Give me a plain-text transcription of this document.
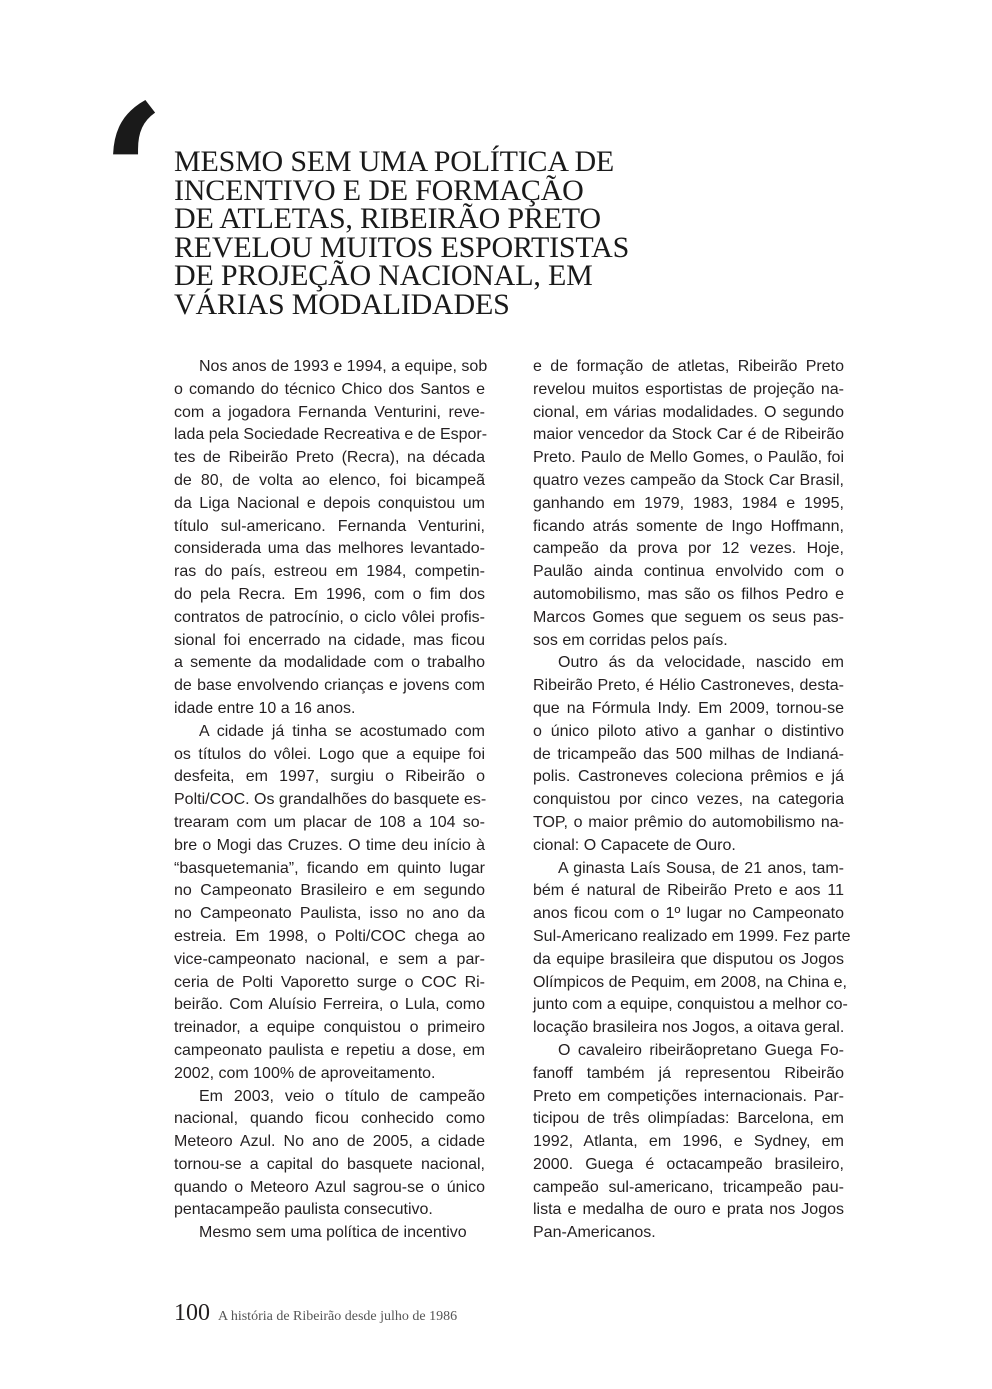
‘ MESMO SEM UMA POLÍTICA DE
INCENTIVO E DE FORMAÇÃO
DE ATLETAS, RIBEIRÃO PRETO
REVELOU MUITOS ESPORTISTAS
DE PROJEÇÃO NACIONAL, EM
VÁRIAS MODALIDADES

Nos anos de 1993 e 1994, a equipe, sob
o comando do técnico Chico dos Santos e
com a jogadora Fernanda Venturini, reve-
lada pela Sociedade Recreativa e de Espor-
tes de Ribeirão Preto (Recra), na década
de 80, de volta ao elenco, foi bicampeã
da Liga Nacional e depois conquistou um
título sul-americano. Fernanda Venturini,
considerada uma das melhores levantado-
ras do país, estreou em 1984, competin-
do pela Recra. Em 1996, com o fim dos
contratos de patrocínio, o ciclo vôlei profis-
sional foi encerrado na cidade, mas ficou
a semente da modalidade com o trabalho
de base envolvendo crianças e jovens com
idade entre 10 a 16 anos.

A cidade já tinha se acostumado com
os títulos do vôlei. Logo que a equipe foi
desfeita, em 1997, surgiu o Ribeirão o
Polti/COC. Os grandalhões do basquete es-
trearam com um placar de 108 a 104 so-
bre o Mogi das Cruzes. O time deu início à
“basquetemania”, ficando em quinto lugar
no Campeonato Brasileiro e em segundo
no Campeonato Paulista, isso no ano da
estreia. Em 1998, o Polti/COC chega ao
vice-campeonato nacional, e sem a par-
ceria de Polti Vaporetto surge o COC Ri-
beirão. Com Aluísio Ferreira, o Lula, como
treinador, a equipe conquistou o primeiro
campeonato paulista e repetiu a dose, em
2002, com 100% de aproveitamento.

Em 2003, veio o título de campeão
nacional, quando ficou conhecido como
Meteoro Azul. No ano de 2005, a cidade
tornou-se a capital do basquete nacional,
quando o Meteoro Azul sagrou-se o único
pentacampeão paulista consecutivo.

Mesmo sem uma política de incentivo

e de formação de atletas, Ribeirão Preto
revelou muitos esportistas de projeção na-
cional, em várias modalidades. O segundo
maior vencedor da Stock Car é de Ribeirão
Preto. Paulo de Mello Gomes, o Paulão, foi
quatro vezes campeão da Stock Car Brasil,
ganhando em 1979, 1983, 1984 e 1995,
ficando atrás somente de Ingo Hoffmann,
campeão da prova por 12 vezes. Hoje,
Paulão ainda continua envolvido com o
automobilismo, mas são os filhos Pedro e
Marcos Gomes que seguem os seus pas-
sos em corridas pelos país.

Outro ás da velocidade, nascido em
Ribeirão Preto, é Hélio Castroneves, desta-
que na Fórmula Indy. Em 2009, tornou-se
o único piloto ativo a ganhar o distintivo
de tricampeão das 500 milhas de Indianá-
polis. Castroneves coleciona prêmios e já
conquistou por cinco vezes, na categoria
TOP, o maior prêmio do automobilismo na-
cional: O Capacete de Ouro.

A ginasta Laís Sousa, de 21 anos, tam-
bém é natural de Ribeirão Preto e aos 11
anos ficou com o 1º lugar no Campeonato
Sul-Americano realizado em 1999. Fez parte
da equipe brasileira que disputou os Jogos
Olímpicos de Pequim, em 2008, na China e,
junto com a equipe, conquistou a melhor co-
locação brasileira nos Jogos, a oitava geral.

O cavaleiro ribeirãopretano Guega Fo-
fanoff também já representou Ribeirão
Preto em competições internacionais. Par-
ticipou de três olimpíadas: Barcelona, em
1992, Atlanta, em 1996, e Sydney, em
2000. Guega é octacampeão brasileiro,
campeão sul-americano, tricampeão pau-
lista e medalha de ouro e prata nos Jogos
Pan-Americanos.

100 A história de Ribeirão desde julho de 1986
